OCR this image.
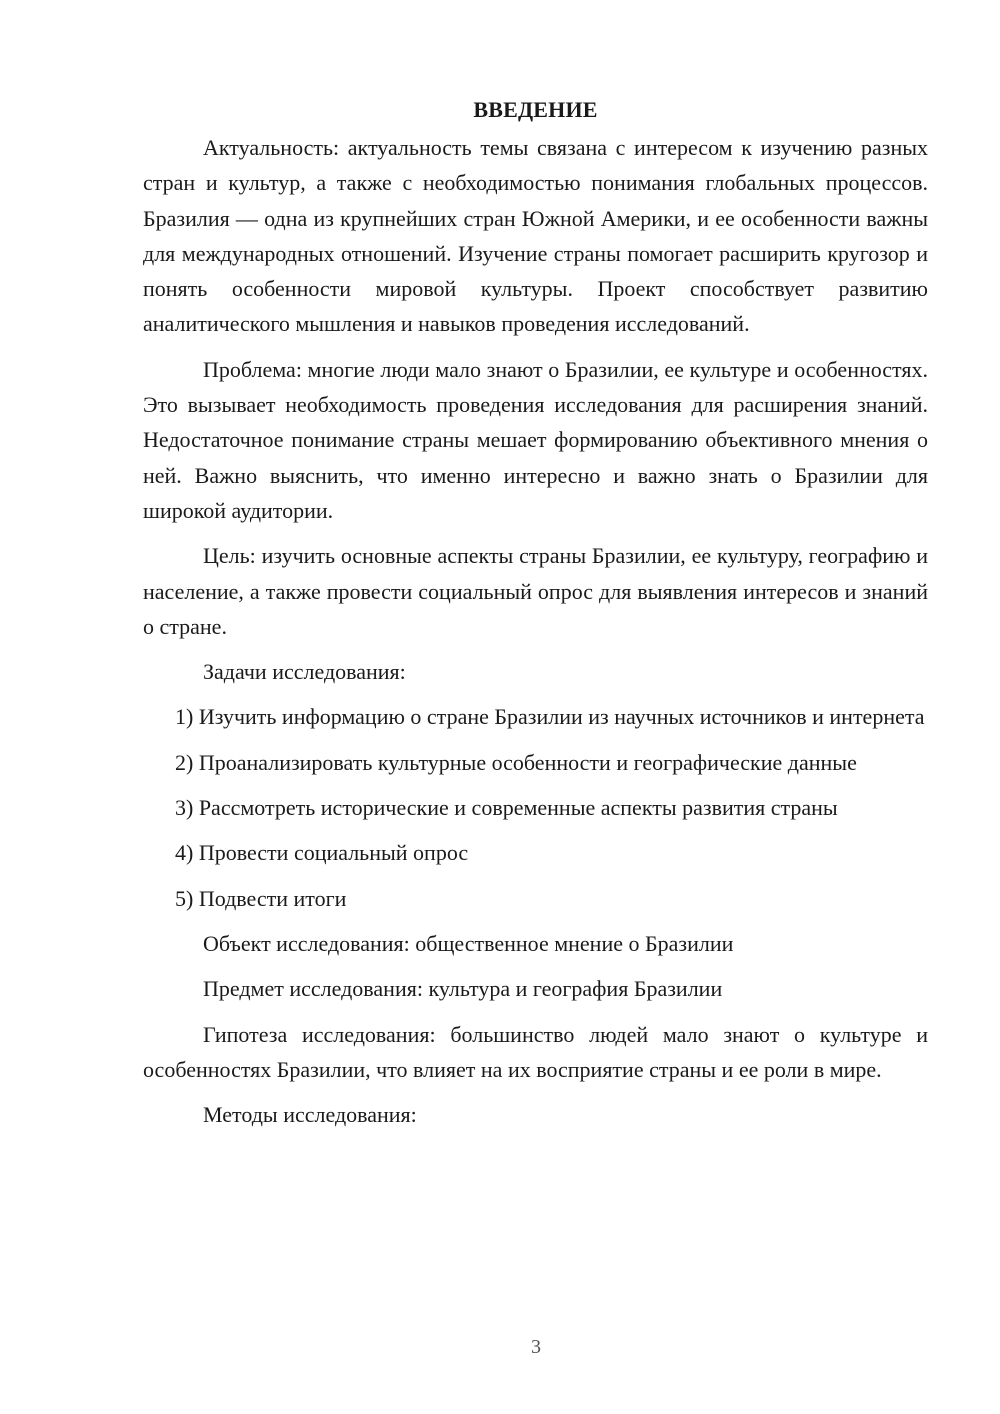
ВВЕДЕНИЕ

Актуальность: актуальность темы связана с интересом к изучению разных стран и культур, а также с необходимостью понимания глобальных процессов. Бразилия — одна из крупнейших стран Южной Америки, и ее особенности важны для международных отношений. Изучение страны помогает расширить кругозор и понять особенности мировой культуры. Проект способствует развитию аналитического мышления и навыков проведения исследований.

Проблема: многие люди мало знают о Бразилии, ее культуре и особенностях. Это вызывает необходимость проведения исследования для расширения знаний. Недостаточное понимание страны мешает формированию объективного мнения о ней. Важно выяснить, что именно интересно и важно знать о Бразилии для широкой аудитории.

Цель: изучить основные аспекты страны Бразилии, ее культуру, географию и население, а также провести социальный опрос для выявления интересов и знаний о стране.

Задачи исследования:

1) Изучить информацию о стране Бразилии из научных источников и интернета

2) Проанализировать культурные особенности и географические данные

3) Рассмотреть исторические и современные аспекты развития страны

4) Провести социальный опрос

5) Подвести итоги

Объект исследования: общественное мнение о Бразилии

Предмет исследования: культура и география Бразилии

Гипотеза исследования: большинство людей мало знают о культуре и особенностях Бразилии, что влияет на их восприятие страны и ее роли в мире.

Методы исследования:

3
